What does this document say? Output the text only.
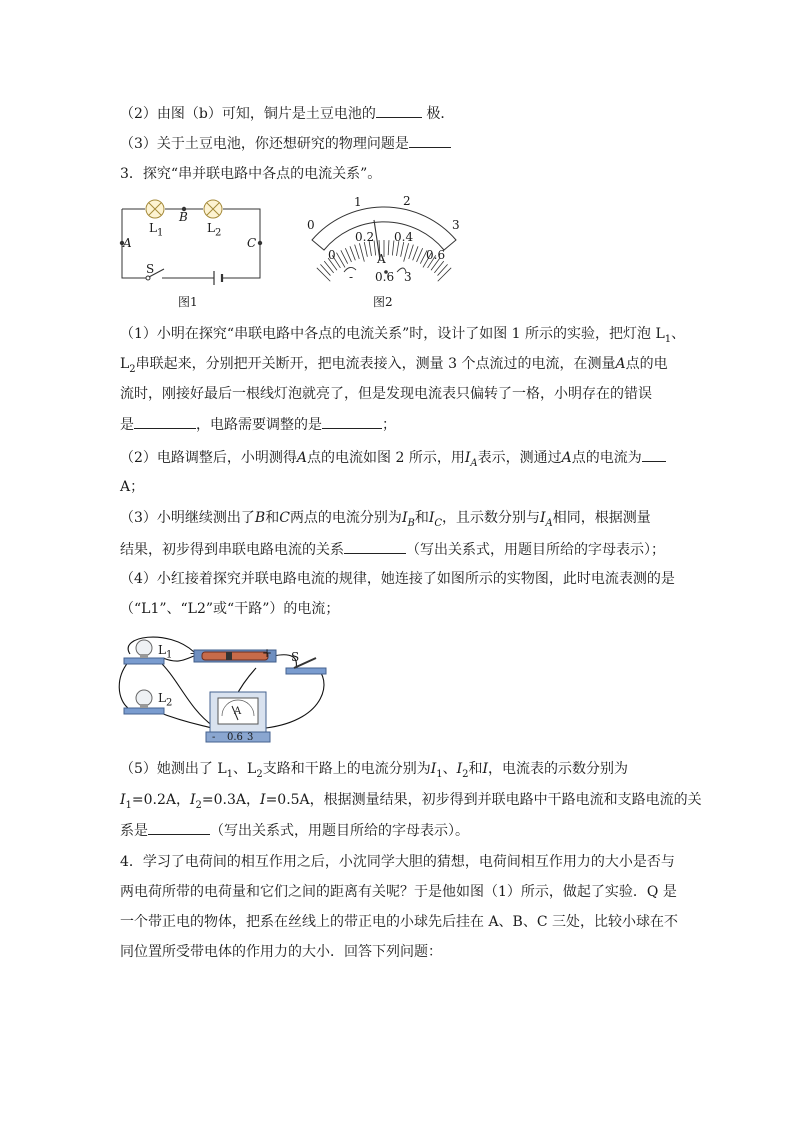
（2）由图（b）可知，铜片是土豆电池的	极．
（3）关于土豆电池，你还想研究的物理问题是
3．探究“串并联电路中各点的电流关系”。
A
B
C
$L_1$	$L_2$
S
图1
0
1	2
3
0
0.2 0.4
0.6
A
- 0.6 3
图2
（1）小明在探究“串联电路中各点的电流关系”时，设计了如图 1 所示的实验，把灯泡 $L_1$、
$L_2$串联起来，分别把开关断开，把电流表接入，测量 3 个点流过的电流，在测量A点的电
流时，刚接好最后一根线灯泡就亮了，但是发现电流表只偏转了一格，小明存在的错误
是	，电路需要调整的是	；
（2）电路调整后，小明测得A点的电流如图 2 所示，用$I_A$表示，测通过A点的电流为
A；
（3）小明继续测出了B和C两点的电流分别为$I_B$和$I_C$，且示数分别与$I_A$相同，根据测量
结果，初步得到串联电路电流的关系	（写出关系式，用题目所给的字母表示）；
（4）小红接着探究并联电路电流的规律，她连接了如图所示的实物图，此时电流表测的是
（“L1”、“L2”或“干路”）的电流；
$L_1$
$L_2$
S
-	+
A
- 0.6 3
（5）她测出了 $L_1$、$L_2$支路和干路上的电流分别为$I_1$、$I_2$和I，电流表的示数分别为
$I_1=0.2A$，$I_2=0.3A$，I=0.5A，根据测量结果，初步得到并联电路中干路电流和支路电流的关
系是	（写出关系式，用题目所给的字母表示）。
4．学习了电荷间的相互作用之后，小沈同学大胆的猜想，电荷间相互作用力的大小是否与
两电荷所带的电荷量和它们之间的距离有关呢？于是他如图（1）所示，做起了实验．Q 是
一个带正电的物体，把系在丝线上的带正电的小球先后挂在 A、B、C 三处，比较小球在不
同位置所受带电体的作用力的大小．回答下列问题：
